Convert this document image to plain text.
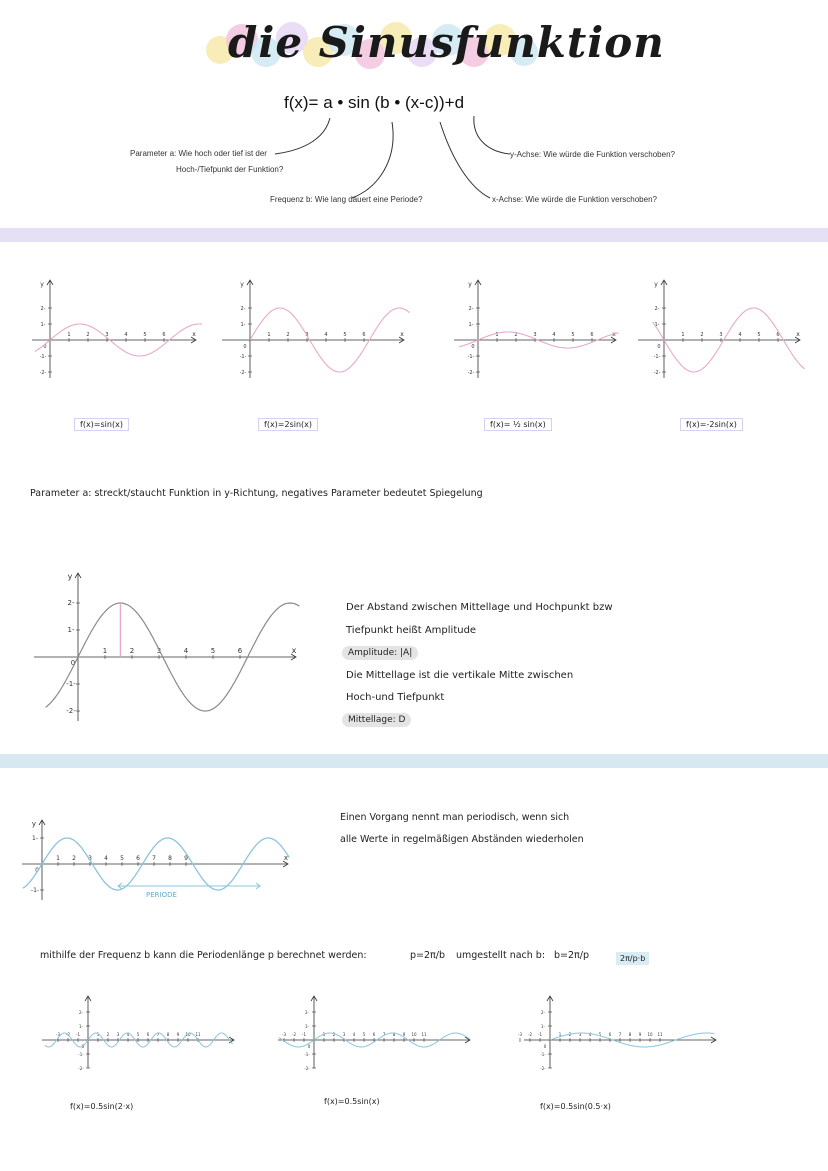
die Sinusfunktion
f(x)= a • sin (b • (x-c))+d
Parameter a: Wie hoch oder tief ist der
Hoch-/Tiefpunkt der Funktion?
Frequenz b: Wie lang dauert eine Periode?
y-Achse: Wie würde die Funktion verschoben?
x-Achse: Wie würde die Funktion verschoben?
x
y
1	2	3	4	5	6
2-
1-
-1-
-2-
0
x
y
1	2	3	4	5	6
2-
1-
-1-
-2-
0
x
y
1	2	3	4	5	6
2-
1-
-1-
-2-
0
x
y
1	2	3	4	5	6
2-
1-
-1-
-2-
0
f(x)=sin(x)	f(x)=2sin(x)	f(x)= ½ sin(x)	f(x)=-2sin(x)
Parameter a: streckt/staucht Funktion in y-Richtung, negatives Parameter bedeutet Spiegelung
x
y
1	2	3	4	5	6
2-
1-
-1-
-2-
0
Der Abstand zwischen Mittellage und Hochpunkt bzw
Tiefpunkt heißt Amplitude
Amplitude: |A|
Die Mittellage ist die vertikale Mitte zwischen
Hoch-und Tiefpunkt
Mittellage: D
x
y
1 2 3 4 5 6 7 8 9
1-
-1-
0
PERIODE
Einen Vorgang nennt man periodisch, wenn sich
alle Werte in regelmäßigen Abständen wiederholen
mithilfe der Frequenz b kann die Periodenlänge p berechnet werden:	p=2π/b umgestellt nach b: b=2π/p	2π/p·b
-3 -2 -1	1 2 3 4 5 6 7 8 9 10 11
2-
1-
-1-
-2-
0
-3 -2 -1	1 2 3 4 5 6 7 8 9 10 11
2-
1-
-1-
-2-
0
-3 -2 -1	1 2 3 4 5 6 7 8 9 10 11
2-
1-
-1-
-2-
0
f(x)=0.5sin(2·x)
f(x)=0.5sin(x)
f(x)=0.5sin(0.5·x)
